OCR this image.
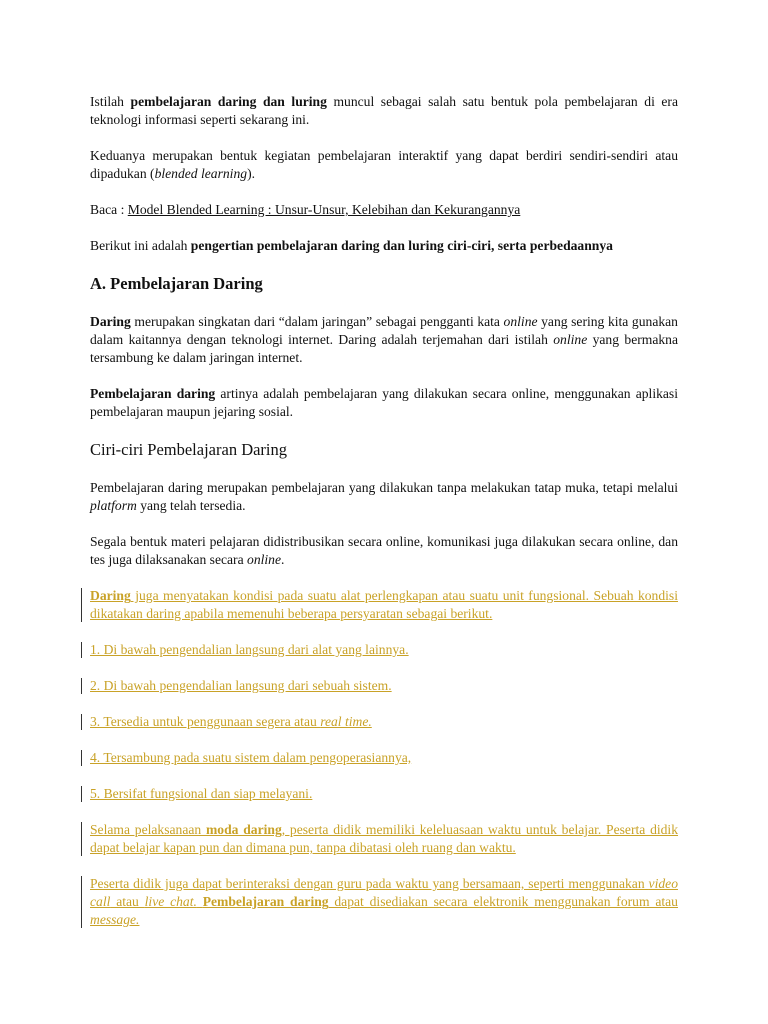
Istilah pembelajaran daring dan luring muncul sebagai salah satu bentuk pola pembelajaran di era teknologi informasi seperti sekarang ini.

Keduanya merupakan bentuk kegiatan pembelajaran interaktif yang dapat berdiri sendiri-sendiri atau dipadukan (blended learning).

Baca : Model Blended Learning : Unsur-Unsur, Kelebihan dan Kekurangannya

Berikut ini adalah pengertian pembelajaran daring dan luring ciri-ciri, serta perbedaannya

A. Pembelajaran Daring

Daring merupakan singkatan dari “dalam jaringan” sebagai pengganti kata online yang sering kita gunakan dalam kaitannya dengan teknologi internet. Daring adalah terjemahan dari istilah online yang bermakna tersambung ke dalam jaringan internet.

Pembelajaran daring artinya adalah pembelajaran yang dilakukan secara online, menggunakan aplikasi pembelajaran maupun jejaring sosial.

Ciri-ciri Pembelajaran Daring

Pembelajaran daring merupakan pembelajaran yang dilakukan tanpa melakukan tatap muka, tetapi melalui platform yang telah tersedia.

Segala bentuk materi pelajaran didistribusikan secara online, komunikasi juga dilakukan secara online, dan tes juga dilaksanakan secara online.

Daring juga menyatakan kondisi pada suatu alat perlengkapan atau suatu unit fungsional. Sebuah kondisi dikatakan daring apabila memenuhi beberapa persyaratan sebagai berikut.

1. Di bawah pengendalian langsung dari alat yang lainnya.

2. Di bawah pengendalian langsung dari sebuah sistem.

3. Tersedia untuk penggunaan segera atau real time.

4. Tersambung pada suatu sistem dalam pengoperasiannya,

5. Bersifat fungsional dan siap melayani.

Selama pelaksanaan moda daring, peserta didik memiliki keleluasaan waktu untuk belajar. Peserta didik dapat belajar kapan pun dan dimana pun, tanpa dibatasi oleh ruang dan waktu.

Peserta didik juga dapat berinteraksi dengan guru pada waktu yang bersamaan, seperti menggunakan video call atau live chat. Pembelajaran daring dapat disediakan secara elektronik menggunakan forum atau message.
